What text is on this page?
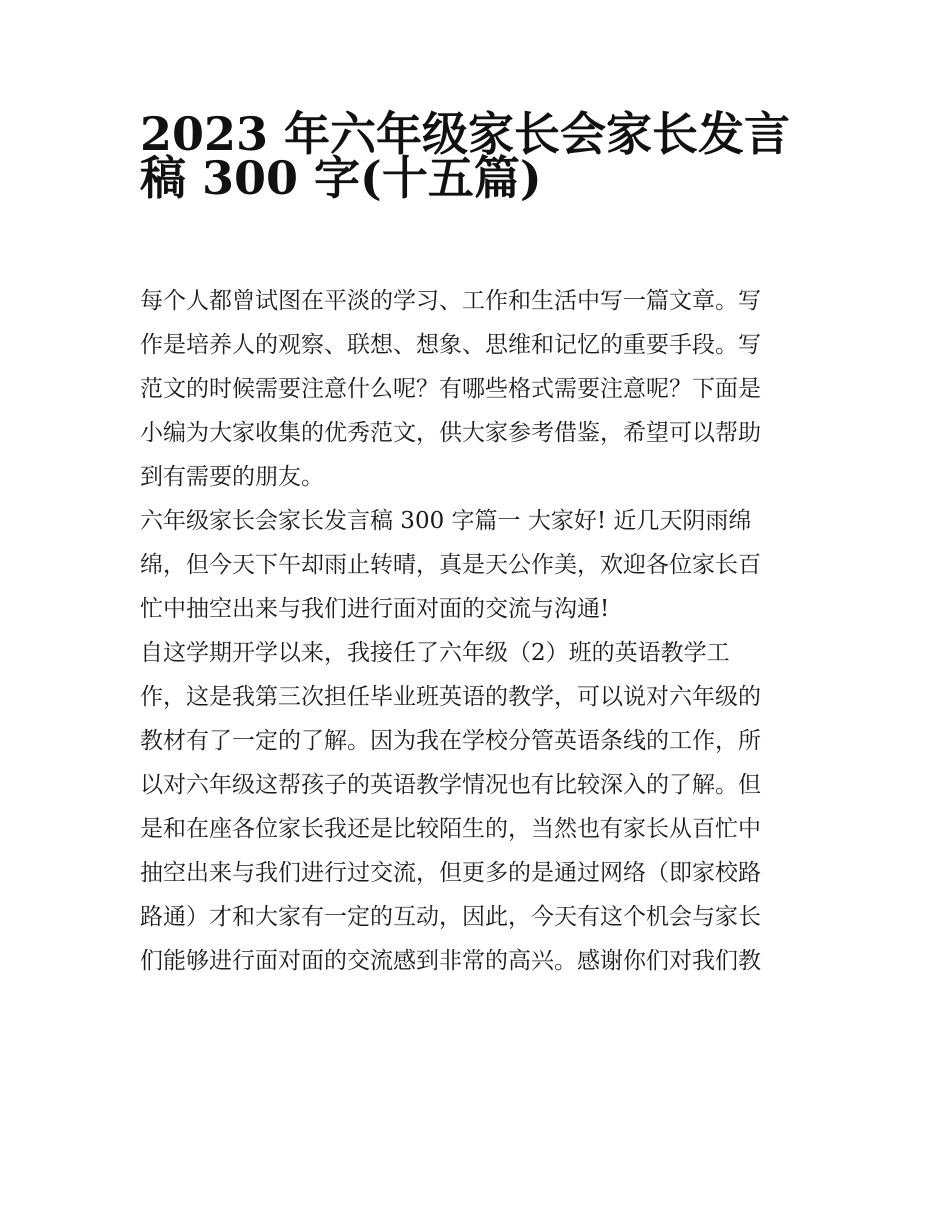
2023 年六年级家长会家长发言
稿 300 字(十五篇)

每个人都曾试图在平淡的学习、工作和生活中写一篇文章。写
作是培养人的观察、联想、想象、思维和记忆的重要手段。写
范文的时候需要注意什么呢？有哪些格式需要注意呢？下面是
小编为大家收集的优秀范文，供大家参考借鉴，希望可以帮助
到有需要的朋友。

六年级家长会家长发言稿 300 字篇一 大家好! 近几天阴雨绵
绵，但今天下午却雨止转晴，真是天公作美，欢迎各位家长百
忙中抽空出来与我们进行面对面的交流与沟通!

自这学期开学以来，我接任了六年级（2）班的英语教学工
作，这是我第三次担任毕业班英语的教学，可以说对六年级的
教材有了一定的了解。因为我在学校分管英语条线的工作，所
以对六年级这帮孩子的英语教学情况也有比较深入的了解。但
是和在座各位家长我还是比较陌生的，当然也有家长从百忙中
抽空出来与我们进行过交流，但更多的是通过网络（即家校路
路通）才和大家有一定的互动，因此，今天有这个机会与家长
们能够进行面对面的交流感到非常的高兴。感谢你们对我们教
